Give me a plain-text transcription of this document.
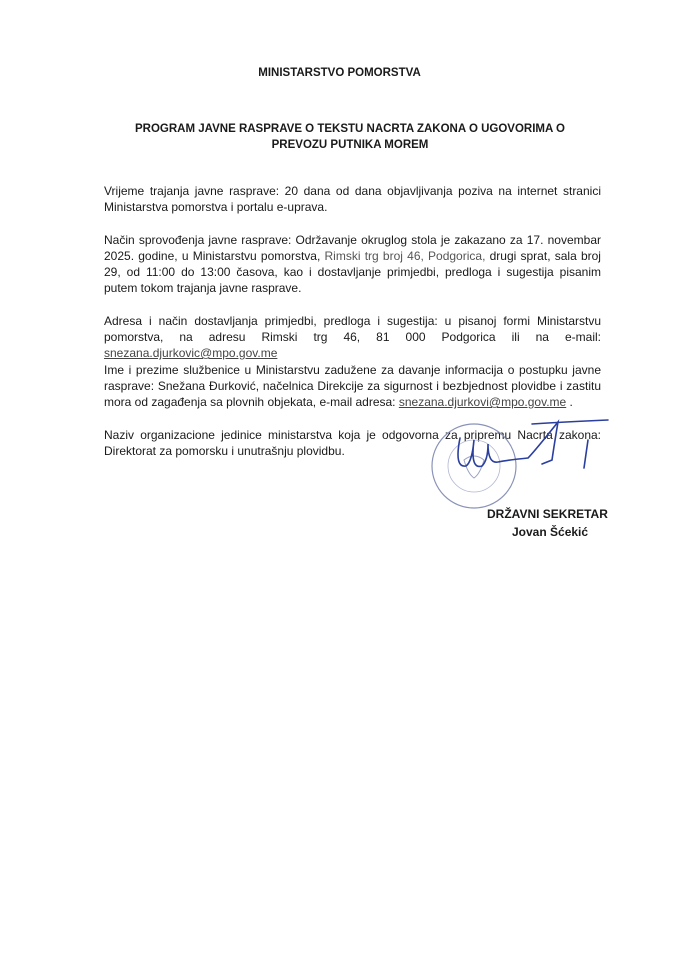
MINISTARSTVO POMORSTVA
PROGRAM JAVNE RASPRAVE O TEKSTU NACRTA ZAKONA O UGOVORIMA O PREVOZU PUTNIKA MOREM
Vrijeme trajanja javne rasprave: 20 dana od dana objavljivanja poziva na internet stranici Ministarstva pomorstva i portalu e-uprava.
Način sprovođenja javne rasprave: Održavanje okruglog stola je zakazano za 17. novembar 2025. godine, u Ministarstvu pomorstva, Rimski trg broj 46, Podgorica, drugi sprat, sala broj 29, od 11:00 do 13:00 časova, kao i dostavljanje primjedbi, predloga i sugestija pisanim putem tokom trajanja javne rasprave.
Adresa i način dostavljanja primjedbi, predloga i sugestija: u pisanoj formi Ministarstvu pomorstva, na adresu Rimski trg 46, 81 000 Podgorica ili na e-mail: snezana.djurkovic@mpo.gov.me
Ime i prezime službenice u Ministarstvu zadužene za davanje informacija o postupku javne rasprave: Snežana Đurković, načelnica Direkcije za sigurnost i bezbjednost plovidbe i zastitu mora od zagađenja sa plovnih objekata, e-mail adresa: snezana.djurkovi@mpo.gov.me .
Naziv organizacione jedinice ministarstva koja je odgovorna za pripremu Nacrta zakona: Direktorat za pomorsku i unutrašnju plovidbu.
DRŽAVNI SEKRETAR
Jovan Šćekić
